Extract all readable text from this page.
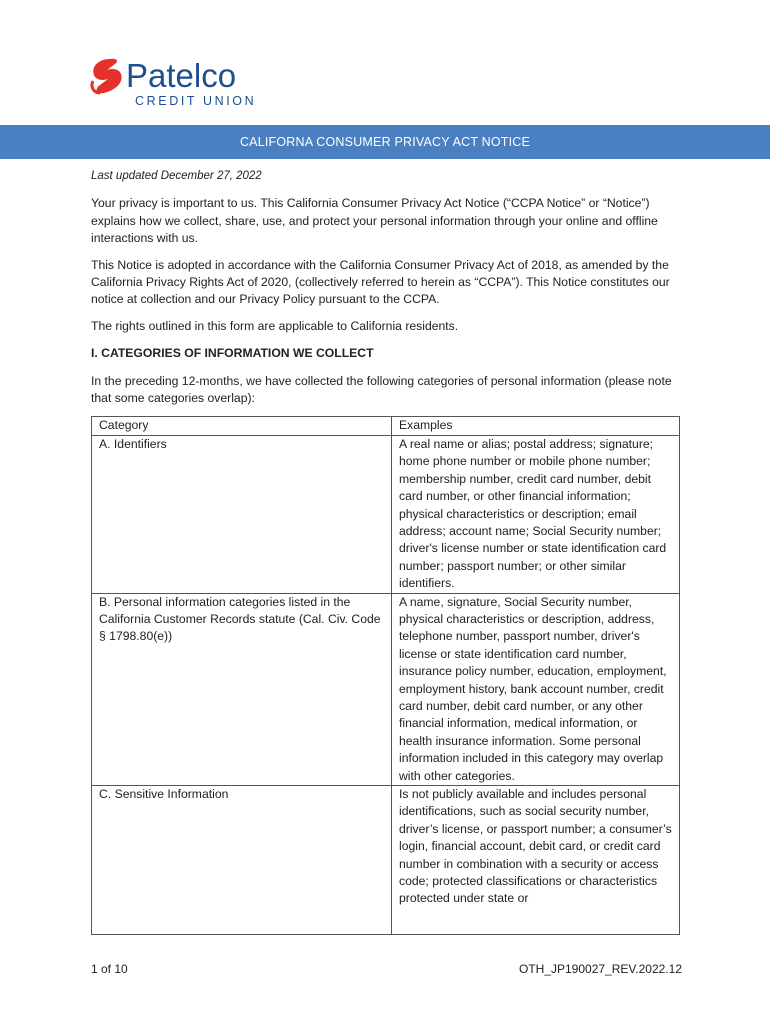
Patelco
CREDIT UNION
CALIFORNA CONSUMER PRIVACY ACT NOTICE

Last updated December 27, 2022

Your privacy is important to us. This California Consumer Privacy Act Notice (“CCPA Notice” or “Notice”) explains how we collect, share, use, and protect your personal information through your online and offline interactions with us.

This Notice is adopted in accordance with the California Consumer Privacy Act of 2018, as amended by the California Privacy Rights Act of 2020, (collectively referred to herein as “CCPA”). This Notice constitutes our notice at collection and our Privacy Policy pursuant to the CCPA.

The rights outlined in this form are applicable to California residents.

I. CATEGORIES OF INFORMATION WE COLLECT

In the preceding 12-months, we have collected the following categories of personal information (please note that some categories overlap):

Category	Examples
A. Identifiers	A real name or alias; postal address; signature; home phone number or mobile phone number; membership number, credit card number, debit card number, or other financial information; physical characteristics or description; email address; account name; Social Security number; driver's license number or state identification card number; passport number; or other similar identifiers.
B. Personal information categories listed in the California Customer Records statute (Cal. Civ. Code § 1798.80(e))	A name, signature, Social Security number, physical characteristics or description, address, telephone number, passport number, driver's license or state identification card number, insurance policy number, education, employment, employment history, bank account number, credit card number, debit card number, or any other financial information, medical information, or health insurance information. Some personal information included in this category may overlap with other categories.
C. Sensitive Information	Is not publicly available and includes personal identifications, such as social security number, driver’s license, or passport number; a consumer’s login, financial account, debit card, or credit card number in combination with a security or access code; protected classifications or characteristics protected under state or
1 of 10	OTH_JP190027_REV.2022.12
